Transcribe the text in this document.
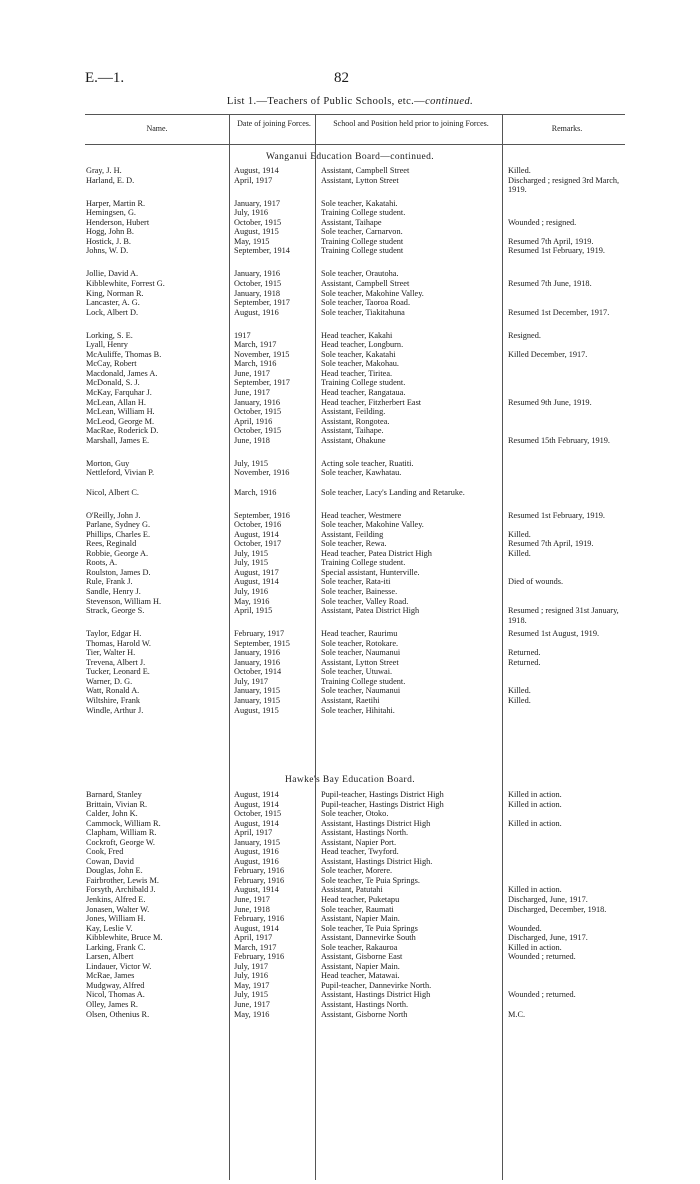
E.—1.	82
List 1.—Teachers of Public Schools, etc.—continued.
Name.
Date of joining Forces.	School and Position held prior to joining Forces.
Remarks.
Wanganui Education Board—continued.
Gray, J. H.	August, 1914	Assistant, Campbell Street	Killed.
Harland, E. D.	April, 1917	Assistant, Lytton Street	Discharged ; resigned 3rd March, 1919.
Harper, Martin R.	January, 1917	Sole teacher, Kakatahi.
Hemingsen, G.	July, 1916	Training College student.
Henderson, Hubert	October, 1915	Assistant, Taihape	Wounded ; resigned.
Hogg, John B.	August, 1915	Sole teacher, Carnarvon.
Hostick, J. B.	May, 1915	Training College student	Resumed 7th April, 1919.
Johns, W. D.	September, 1914	Training College student	Resumed 1st February, 1919.
Jollie, David A.	January, 1916	Sole teacher, Orautoha.
Kibblewhite, Forrest G.	October, 1915	Assistant, Campbell Street	Resumed 7th June, 1918.
King, Norman R.	January, 1918	Sole teacher, Makohine Valley.
Lancaster, A. G.	September, 1917	Sole teacher, Taoroa Road.
Lock, Albert D.	August, 1916	Sole teacher, Tiakitahuna	Resumed 1st December, 1917.
Lorking, S. E.	1917	Head teacher, Kakahi	Resigned.
Lyall, Henry	March, 1917	Head teacher, Longburn.
McAuliffe, Thomas B.	November, 1915	Sole teacher, Kakatahi	Killed December, 1917.
McCay, Robert	March, 1916	Sole teacher, Makohau.
Macdonald, James A.	June, 1917	Head teacher, Tiritea.
McDonald, S. J.	September, 1917	Training College student.
McKay, Farquhar J.	June, 1917	Head teacher, Rangataua.
McLean, Allan H.	January, 1916	Head teacher, Fitzherbert East	Resumed 9th June, 1919.
McLean, William H.	October, 1915	Assistant, Feilding.
McLeod, George M.	April, 1916	Assistant, Rongotea.
MacRae, Roderick D.	October, 1915	Assistant, Taihape.
Marshall, James E.	June, 1918	Assistant, Ohakune	Resumed 15th February, 1919.
Morton, Guy	July, 1915	Acting sole teacher, Ruatiti.
Nettleford, Vivian P.	November, 1916	Sole teacher, Kawhatau.
Nicol, Albert C.	March, 1916	Sole teacher, Lacy's Landing and Retaruke.
O'Reilly, John J.	September, 1916	Head teacher, Westmere	Resumed 1st February, 1919.
Parlane, Sydney G.	October, 1916	Sole teacher, Makohine Valley.
Phillips, Charles E.	August, 1914	Assistant, Feilding	Killed.
Rees, Reginald	October, 1917	Sole teacher, Rewa.	Resumed 7th April, 1919.
Robbie, George A.	July, 1915	Head teacher, Patea District High	Killed.
Roots, A.	July, 1915	Training College student.
Roulston, James D.	August, 1917	Special assistant, Hunterville.
Rule, Frank J.	August, 1914	Sole teacher, Rata-iti	Died of wounds.
Sandle, Henry J.	July, 1916	Sole teacher, Bainesse.
Stevenson, William H.	May, 1916	Sole teacher, Valley Road.
Strack, George S.	April, 1915	Assistant, Patea District High	Resumed ; resigned 31st January, 1918.
Taylor, Edgar H.	February, 1917	Head teacher, Raurimu	Resumed 1st August, 1919.
Thomas, Harold W.	September, 1915	Sole teacher, Rotokare.
Tier, Walter H.	January, 1916	Sole teacher, Naumanui	Returned.
Trevena, Albert J.	January, 1916	Assistant, Lytton Street	Returned.
Tucker, Leonard E.	October, 1914	Sole teacher, Utuwai.
Warner, D. G.	July, 1917	Training College student.
Watt, Ronald A.	January, 1915	Sole teacher, Naumanui	Killed.
Wiltshire, Frank	January, 1915	Assistant, Raetihi	Killed.
Windle, Arthur J.	August, 1915	Sole teacher, Hihitahi.
Hawke's Bay Education Board.
Barnard, Stanley	August, 1914	Pupil-teacher, Hastings District High	Killed in action.
Brittain, Vivian R.	August, 1914	Pupil-teacher, Hastings District High	Killed in action.
Calder, John K.	October, 1915	Sole teacher, Otoko.
Cammock, William R.	August, 1914	Assistant, Hastings District High	Killed in action.
Clapham, William R.	April, 1917	Assistant, Hastings North.
Cockroft, George W.	January, 1915	Assistant, Napier Port.
Cook, Fred	August, 1916	Head teacher, Twyford.
Cowan, David	August, 1916	Assistant, Hastings District High.
Douglas, John E.	February, 1916	Sole teacher, Morere.
Fairbrother, Lewis M.	February, 1916	Sole teacher, Te Puia Springs.
Forsyth, Archibald J.	August, 1914	Assistant, Patutahi	Killed in action.
Jenkins, Alfred E.	June, 1917	Head teacher, Puketapu	Discharged, June, 1917.
Jonasen, Walter W.	June, 1918	Sole teacher, Raumati	Discharged, December, 1918.
Jones, William H.	February, 1916	Assistant, Napier Main.
Kay, Leslie V.	August, 1914	Sole teacher, Te Puia Springs	Wounded.
Kibblewhite, Bruce M.	April, 1917	Assistant, Dannevirke South	Discharged, June, 1917.
Larking, Frank C.	March, 1917	Sole teacher, Rakauroa	Killed in action.
Larsen, Albert	February, 1916	Assistant, Gisborne East	Wounded ; returned.
Lindauer, Victor W.	July, 1917	Assistant, Napier Main.
McRae, James	July, 1916	Head teacher, Matawai.
Mudgway, Alfred	May, 1917	Pupil-teacher, Dannevirke North.
Nicol, Thomas A.	July, 1915	Assistant, Hastings District High	Wounded ; returned.
Olley, James R.	June, 1917	Assistant, Hastings North.
Olsen, Othenius R.	May, 1916	Assistant, Gisborne North	M.C.
